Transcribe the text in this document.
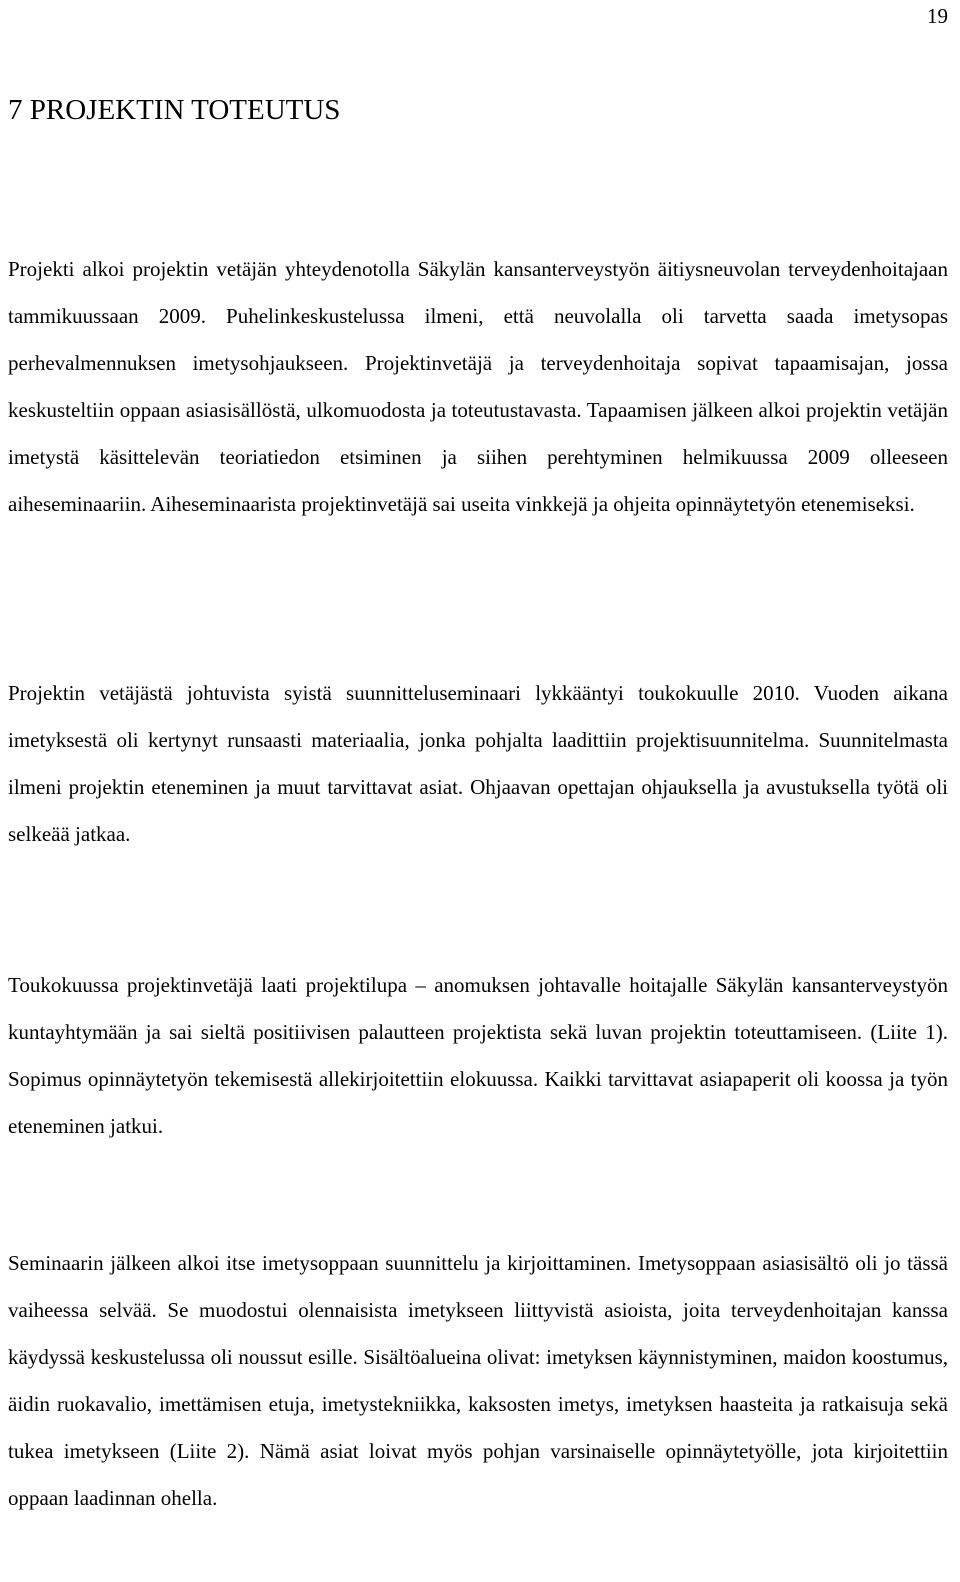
19
7 PROJEKTIN TOTEUTUS

Projekti alkoi projektin vetäjän yhteydenotolla Säkylän kansanterveystyön äitiysneuvolan terveydenhoitajaan tammikuussaan 2009. Puhelinkeskustelussa ilmeni, että neuvolalla oli tarvetta saada imetysopas perhevalmennuksen imetysohjaukseen. Projektinvetäjä ja terveydenhoitaja sopivat tapaamisajan, jossa keskusteltiin oppaan asiasisällöstä, ulkomuodosta ja toteutustavasta. Tapaamisen jälkeen alkoi projektin vetäjän imetystä käsittelevän teoriatiedon etsiminen ja siihen perehtyminen helmikuussa 2009 olleeseen aiheseminaariin. Aiheseminaarista projektinvetäjä sai useita vinkkejä ja ohjeita opinnäytetyön etenemiseksi.

Projektin vetäjästä johtuvista syistä suunnitteluseminaari lykkääntyi toukokuulle 2010. Vuoden aikana imetyksestä oli kertynyt runsaasti materiaalia, jonka pohjalta laadittiin projektisuunnitelma. Suunnitelmasta ilmeni projektin eteneminen ja muut tarvittavat asiat. Ohjaavan opettajan ohjauksella ja avustuksella työtä oli selkeää jatkaa.

Toukokuussa projektinvetäjä laati projektilupa – anomuksen johtavalle hoitajalle Säkylän kansanterveystyön kuntayhtymään ja sai sieltä positiivisen palautteen projektista sekä luvan projektin toteuttamiseen. (Liite 1). Sopimus opinnäytetyön tekemisestä allekirjoitettiin elokuussa. Kaikki tarvittavat asiapaperit oli koossa ja työn eteneminen jatkui.

Seminaarin jälkeen alkoi itse imetysoppaan suunnittelu ja kirjoittaminen. Imetysoppaan asiasisältö oli jo tässä vaiheessa selvää. Se muodostui olennaisista imetykseen liittyvistä asioista, joita terveydenhoitajan kanssa käydyssä keskustelussa oli noussut esille. Sisältöalueina olivat: imetyksen käynnistyminen, maidon koostumus, äidin ruokavalio, imettämisen etuja, imetystekniikka, kaksosten imetys, imetyksen haasteita ja ratkaisuja sekä tukea imetykseen (Liite 2). Nämä asiat loivat myös pohjan varsinaiselle opinnäytetyölle, jota kirjoitettiin oppaan laadinnan ohella.
